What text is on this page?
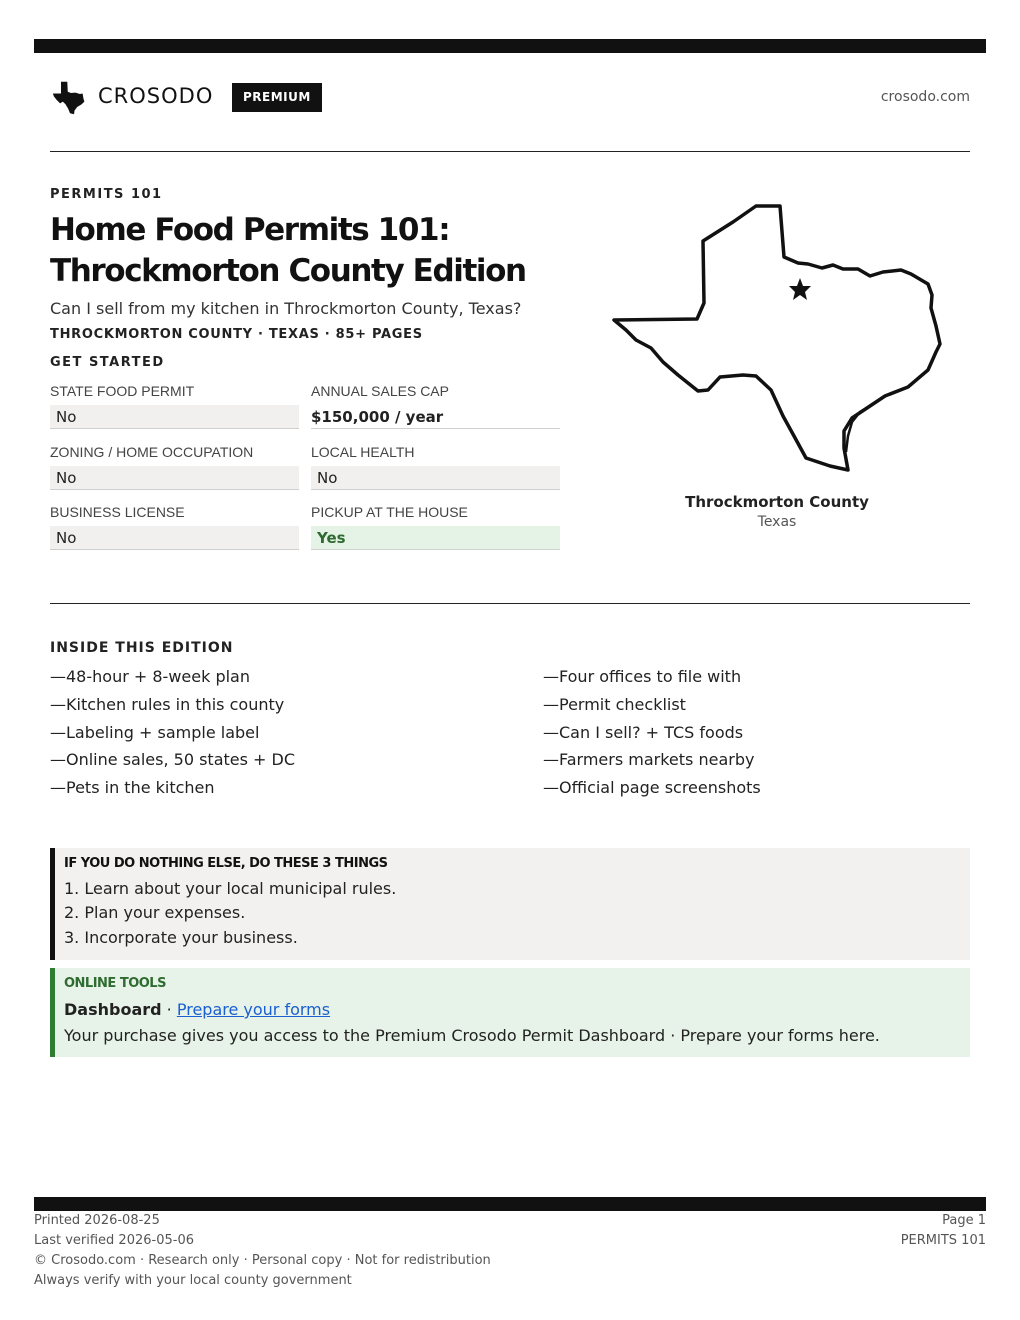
CROSODO	PREMIUM	crosodo.com
PERMITS 101
Home Food Permits 101:
Throckmorton County Edition
Can I sell from my kitchen in Throckmorton County, Texas?
THROCKMORTON COUNTY · TEXAS · 85+ PAGES
GET STARTED
STATE FOOD PERMIT
No
ANNUAL SALES CAP
$150,000 / year
ZONING / HOME OCCUPATION
No
LOCAL HEALTH
No
BUSINESS LICENSE
No
PICKUP AT THE HOUSE
Yes
Throckmorton County
Texas
INSIDE THIS EDITION
—48-hour + 8-week plan
—Kitchen rules in this county
—Labeling + sample label
—Online sales, 50 states + DC
—Pets in the kitchen
—Four offices to file with
—Permit checklist
—Can I sell? + TCS foods
—Farmers markets nearby
—Official page screenshots
IF YOU DO NOTHING ELSE, DO THESE 3 THINGS
1. Learn about your local municipal rules.
2. Plan your expenses.
3. Incorporate your business.
ONLINE TOOLS
Dashboard · Prepare your forms
Your purchase gives you access to the Premium Crosodo Permit Dashboard · Prepare your forms here.
Printed 2026-08-25
Last verified 2026-05-06
© Crosodo.com · Research only · Personal copy · Not for redistribution
Always verify with your local county government
Page 1
PERMITS 101
